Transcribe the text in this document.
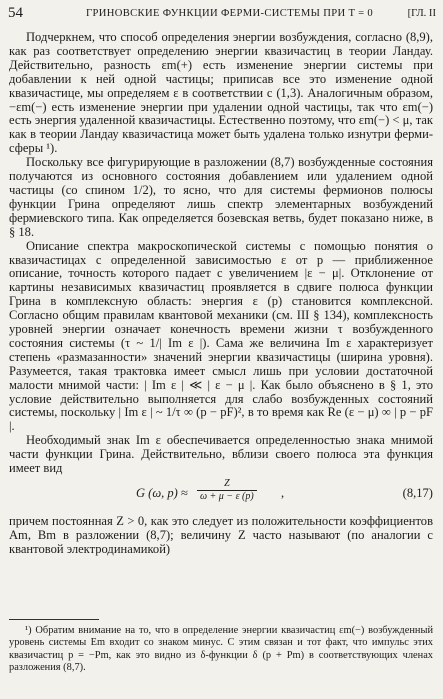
54	ГРИНОВСКИЕ ФУНКЦИИ ФЕРМИ-СИСТЕМЫ ПРИ T = 0	[ГЛ. II

Подчеркнем, что способ определения энергии возбуждения, согласно (8,9), как раз соответствует определению энергии квазичастиц в теории Ландау. Действительно, разность εm(+) есть изменение энергии системы при добавлении к ней одной частицы; приписав все это изменение одной квазичастице, мы определяем ε в соответствии с (1,3). Аналогичным образом, −εm(−) есть изменение энергии при удалении одной частицы, так что εm(−) есть энергия удаленной квазичастицы. Естественно поэтому, что εm(−) < μ, так как в теории Ландау квазичастица может быть удалена только изнутри ферми-сферы ¹).

Поскольку все фигурирующие в разложении (8,7) возбужденные состояния получаются из основного состояния добавлением или удалением одной частицы (со спином 1/2), то ясно, что для системы фермионов полюсы функции Грина определяют лишь спектр элементарных возбуждений фермиевского типа. Как определяется бозевская ветвь, будет показано ниже, в § 18.

Описание спектра макроскопической системы с помощью понятия о квазичастицах с определенной зависимостью ε от p — приближенное описание, точность которого падает с увеличением |ε − μ|. Отклонение от картины независимых квазичастиц проявляется в сдвиге полюса функции Грина в комплексную область: энергия ε (p) становится комплексной. Согласно общим правилам квантовой механики (см. III § 134), комплексность уровней энергии означает конечность времени жизни τ возбужденного состояния системы (τ ~ 1/| Im ε |). Сама же величина Im ε характеризует степень «размазанности» значений энергии квазичастицы (ширина уровня). Разумеется, такая трактовка имеет смысл лишь при условии достаточной малости мнимой части: | Im ε | ≪ | ε − μ |. Как было объяснено в § 1, это условие действительно выполняется для слабо возбужденных состояний системы, поскольку | Im ε | ~ 1/τ ∞ (p − pF)², в то время как Re (ε − μ) ∞ | p − pF |.

Необходимый знак Im ε обеспечивается определенностью знака мнимой части функции Грина. Действительно, вблизи своего полюса эта функция имеет вид

G (ω, $p) \approx \frac{Z}{\omega + \mu - \varepsilon (p)}$ ,	(8,17)

причем постоянная Z > 0, как это следует из положительности коэффициентов Am, Bm в разложении (8,7); величину Z часто называют (по аналогии с квантовой электродинамикой)

¹) Обратим внимание на то, что в определение энергии квазичастиц εm(−) возбужденный уровень системы Em входит со знаком минус. С этим связан и тот факт, что импульс этих квазичастиц p = −Pm, как это видно из δ-функции δ (p + Pm) в соответствующих членах разложения (8,7).
